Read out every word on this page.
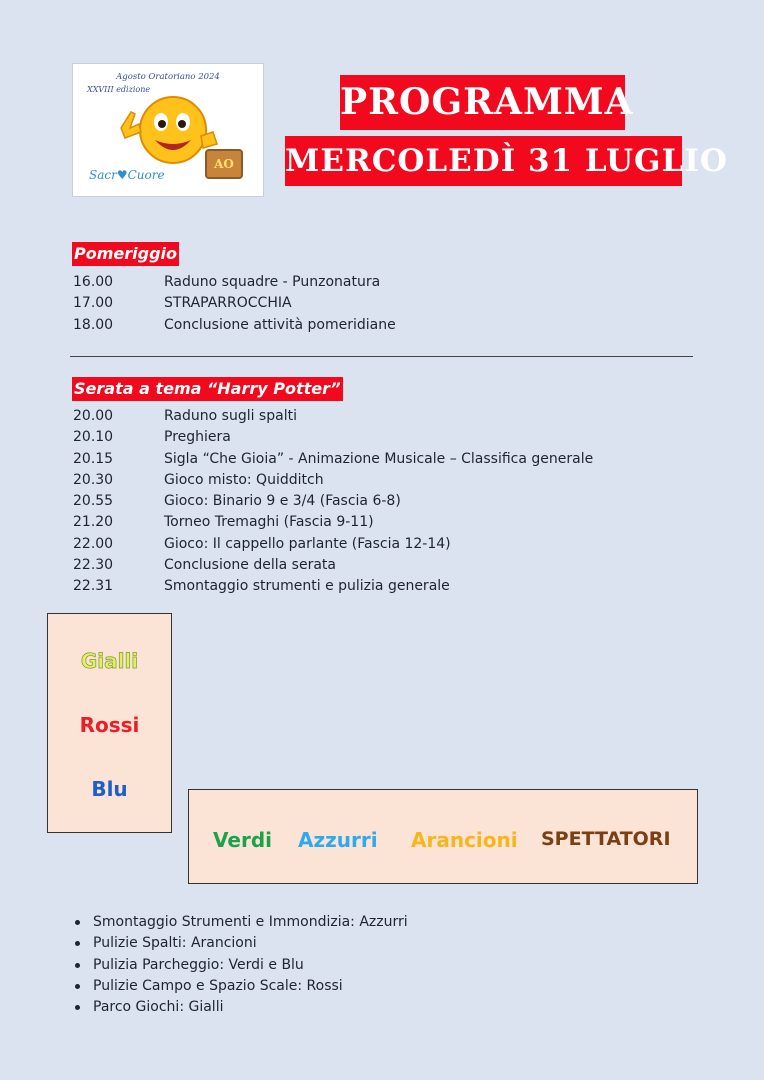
Agosto Oratoriano 2024
XXVIII edizione
Sacr♥Cuore
AO
PROGRAMMA
MERCOLEDÌ 31 LUGLIO
Pomeriggio
16.00	Raduno squadre - Punzonatura
17.00	STRAPARROCCHIA
18.00	Conclusione attività pomeridiane
Serata a tema “Harry Potter”
20.00	Raduno sugli spalti
20.10	Preghiera
20.15	Sigla “Che Gioia” - Animazione Musicale – Classifica generale
20.30	Gioco misto: Quidditch
20.55	Gioco: Binario 9 e 3/4 (Fascia 6-8)
21.20	Torneo Tremaghi (Fascia 9-11)
22.00	Gioco: Il cappello parlante (Fascia 12-14)
22.30	Conclusione della serata
22.31	Smontaggio strumenti e pulizia generale
Gialli
Rossi
Blu
Verdi Azzurri Arancioni SPETTATORI
Smontaggio Strumenti e Immondizia: Azzurri
Pulizie Spalti: Arancioni
Pulizia Parcheggio: Verdi e Blu
Pulizie Campo e Spazio Scale: Rossi
Parco Giochi: Gialli
